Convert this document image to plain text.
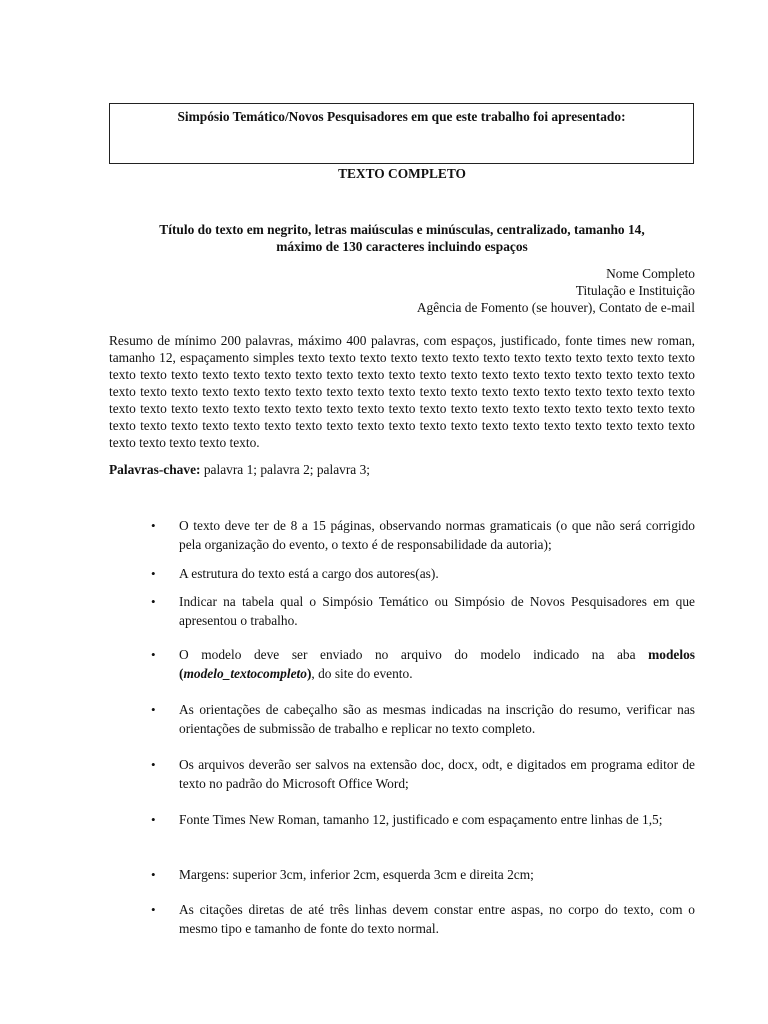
Simpósio Temático/Novos Pesquisadores em que este trabalho foi apresentado:
TEXTO COMPLETO
Título do texto em negrito, letras maiúsculas e minúsculas, centralizado, tamanho 14,
máximo de 130 caracteres incluindo espaços
Nome Completo
Titulação e Instituição
Agência de Fomento (se houver), Contato de e-mail
Resumo de mínimo 200 palavras, máximo 400 palavras, com espaços, justificado, fonte times new roman, tamanho 12, espaçamento simples texto texto texto texto texto texto texto texto texto texto texto texto texto texto texto texto texto texto texto texto texto texto texto texto texto texto texto texto texto texto texto texto texto texto texto texto texto texto texto texto texto texto texto texto texto texto texto texto texto texto texto texto texto texto texto texto texto texto texto texto texto texto texto texto texto texto texto texto texto texto texto texto texto texto texto texto texto texto texto texto texto texto texto texto texto texto texto texto texto texto texto texto texto texto.
Palavras-chave: palavra 1; palavra 2; palavra 3;
• O texto deve ter de 8 a 15 páginas, observando normas gramaticais (o que não será corrigido pela organização do evento, o texto é de responsabilidade da autoria);
• A estrutura do texto está a cargo dos autores(as).
• Indicar na tabela qual o Simpósio Temático ou Simpósio de Novos Pesquisadores em que apresentou o trabalho.
• O modelo deve ser enviado no arquivo do modelo indicado na aba modelos (modelo_textocompleto), do site do evento.
• As orientações de cabeçalho são as mesmas indicadas na inscrição do resumo, verificar nas orientações de submissão de trabalho e replicar no texto completo.
• Os arquivos deverão ser salvos na extensão doc, docx, odt, e digitados em programa editor de texto no padrão do Microsoft Office Word;
• Fonte Times New Roman, tamanho 12, justificado e com espaçamento entre linhas de 1,5;
• Margens: superior 3cm, inferior 2cm, esquerda 3cm e direita 2cm;
• As citações diretas de até três linhas devem constar entre aspas, no corpo do texto, com o mesmo tipo e tamanho de fonte do texto normal.
